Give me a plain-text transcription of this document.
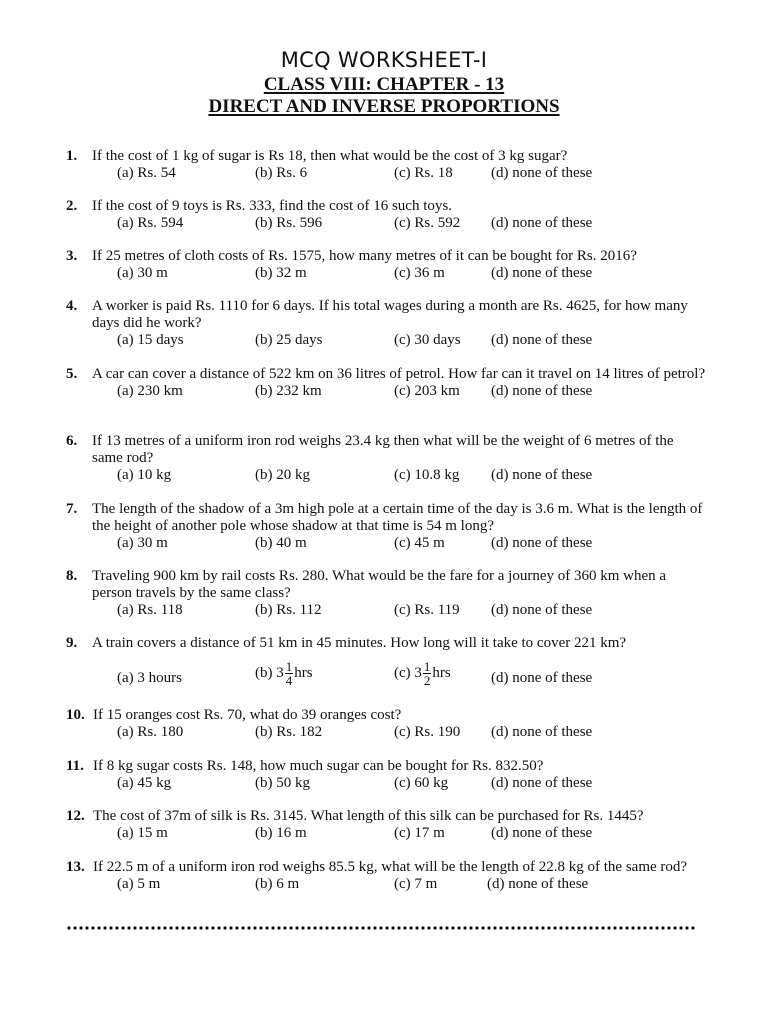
MCQ WORKSHEET-I
CLASS VIII: CHAPTER - 13
DIRECT AND INVERSE PROPORTIONS
1. If the cost of 1 kg of sugar is Rs 18, then what would be the cost of 3 kg sugar?
(a) Rs. 54	(b) Rs. 6	(c) Rs. 18	(d) none of these
2. If the cost of 9 toys is Rs. 333, find the cost of 16 such toys.
(a) Rs. 594	(b) Rs. 596	(c) Rs. 592 (d) none of these
3. If 25 metres of cloth costs of Rs. 1575, how many metres of it can be bought for Rs. 2016?
(a) 30 m	(b) 32 m	(c) 36 m	(d) none of these
4. A worker is paid Rs. 1110 for 6 days. If his total wages during a month are Rs. 4625, for how many days did he work?
(a) 15 days	(b) 25 days	(c) 30 days (d) none of these
5. A car can cover a distance of 522 km on 36 litres of petrol. How far can it travel on 14 litres of petrol?
(a) 230 km	(b) 232 km	(c) 203 km (d) none of these
6. If 13 metres of a uniform iron rod weighs 23.4 kg then what will be the weight of 6 metres of the same rod?
(a) 10 kg	(b) 20 kg	(c) 10.8 kg (d) none of these
7. The length of the shadow of a 3m high pole at a certain time of the day is 3.6 m. What is the length of the height of another pole whose shadow at that time is 54 m long?
(a) 30 m	(b) 40 m	(c) 45 m	(d) none of these
8. Traveling 900 km by rail costs Rs. 280. What would be the fare for a journey of 360 km when a person travels by the same class?
(a) Rs. 118	(b) Rs. 112	(c) Rs. 119 (d) none of these
9. A train covers a distance of 51 km in 45 minutes. How long will it take to cover 221 km?
(a) 3 hours	(b) $3 \frac{1}{4}$ hrs	(c) $3 \frac{1}{2}$ hrs	(d) none of these
10. If 15 oranges cost Rs. 70, what do 39 oranges cost?
(a) Rs. 180	(b) Rs. 182	(c) Rs. 190 (d) none of these
11. If 8 kg sugar costs Rs. 148, how much sugar can be bought for Rs. 832.50?
(a) 45 kg	(b) 50 kg	(c) 60 kg	(d) none of these
12. The cost of 37m of silk is Rs. 3145. What length of this silk can be purchased for Rs. 1445?
(a) 15 m	(b) 16 m	(c) 17 m	(d) none of these
13. If 22.5 m of a uniform iron rod weighs 85.5 kg, what will be the length of 22.8 kg of the same rod?
(a) 5 m	(b) 6 m	(c) 7 m	(d) none of these
